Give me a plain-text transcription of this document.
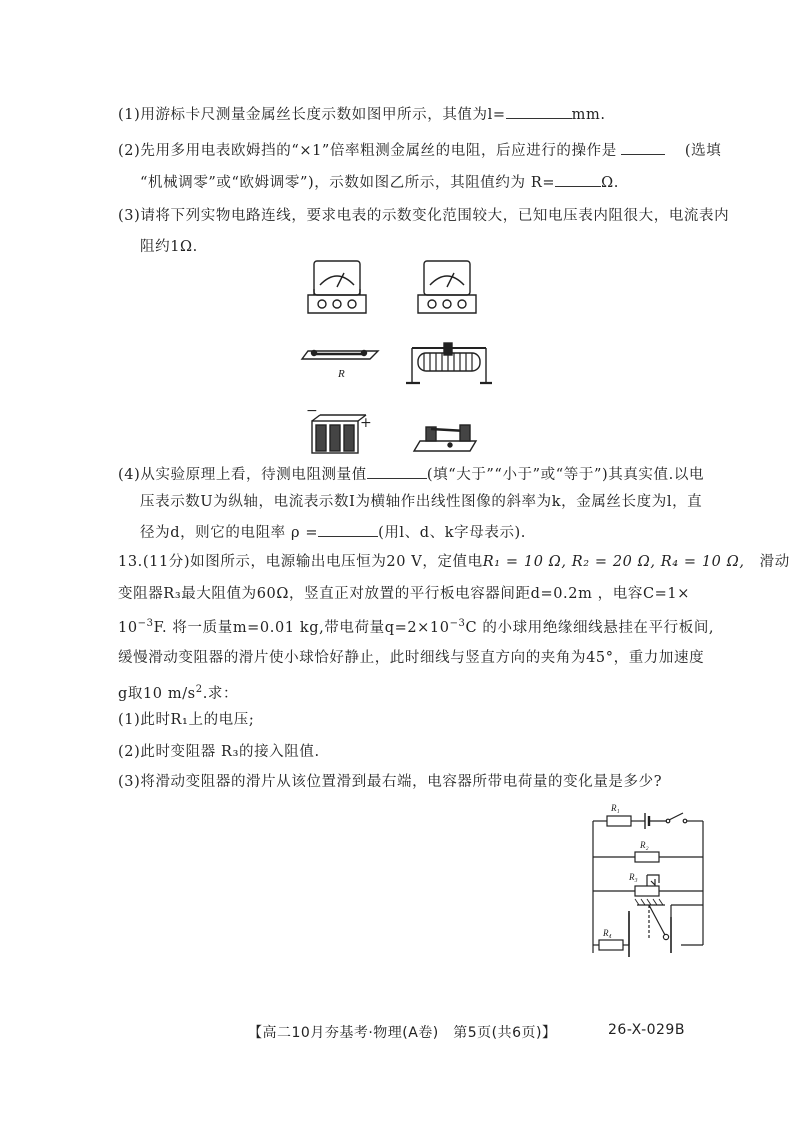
(1)用游标卡尺测量金属丝长度示数如图甲所示，其值为l=	mm.
(2)先用多用电表欧姆挡的“×1”倍率粗测金属丝的电阻，后应进行的操作是	(选填
“机械调零”或“欧姆调零”)，示数如图乙所示，其阻值约为 R=	Ω.
(3)请将下列实物电路连线，要求电表的示数变化范围较大，已知电压表内阻很大，电流表内
阻约1Ω.
R
−
+
(4)从实验原理上看，待测电阻测量值	(填“大于”“小于”或“等于”)其真实值.以电
压表示数U为纵轴，电流表示数I为横轴作出线性图像的斜率为k，金属丝长度为l，直
径为d，则它的电阻率 ρ =	(用l、d、k字母表示).
13.(11分)如图所示，电源输出电压恒为20 V，定值电R₁ = 10 Ω, R₂ = 20 Ω, R₄ = 10 Ω,　 滑动
变阻器R₃最大阻值为60Ω，竖直正对放置的平行板电容器间距d=0.2m ，电容C=1×
$10^{-3}F$. 将一质量m=0.01 kg,带电荷量$q=2\times 10^{-3}C$ 的小球用绝缘细线悬挂在平行板间,
缓慢滑动变阻器的滑片使小球恰好静止，此时细线与竖直方向的夹角为45°，重力加速度
g取10 $m/s^2$.求：
(1)此时R₁上的电压;
(2)此时变阻器 R₃的接入阻值.
(3)将滑动变阻器的滑片从该位置滑到最右端，电容器所带电荷量的变化量是多少?
R₁
R₂
R₃
R₄
【高二10月夯基考·物理(A卷)　第5页(共6页)】	26-X-029B
